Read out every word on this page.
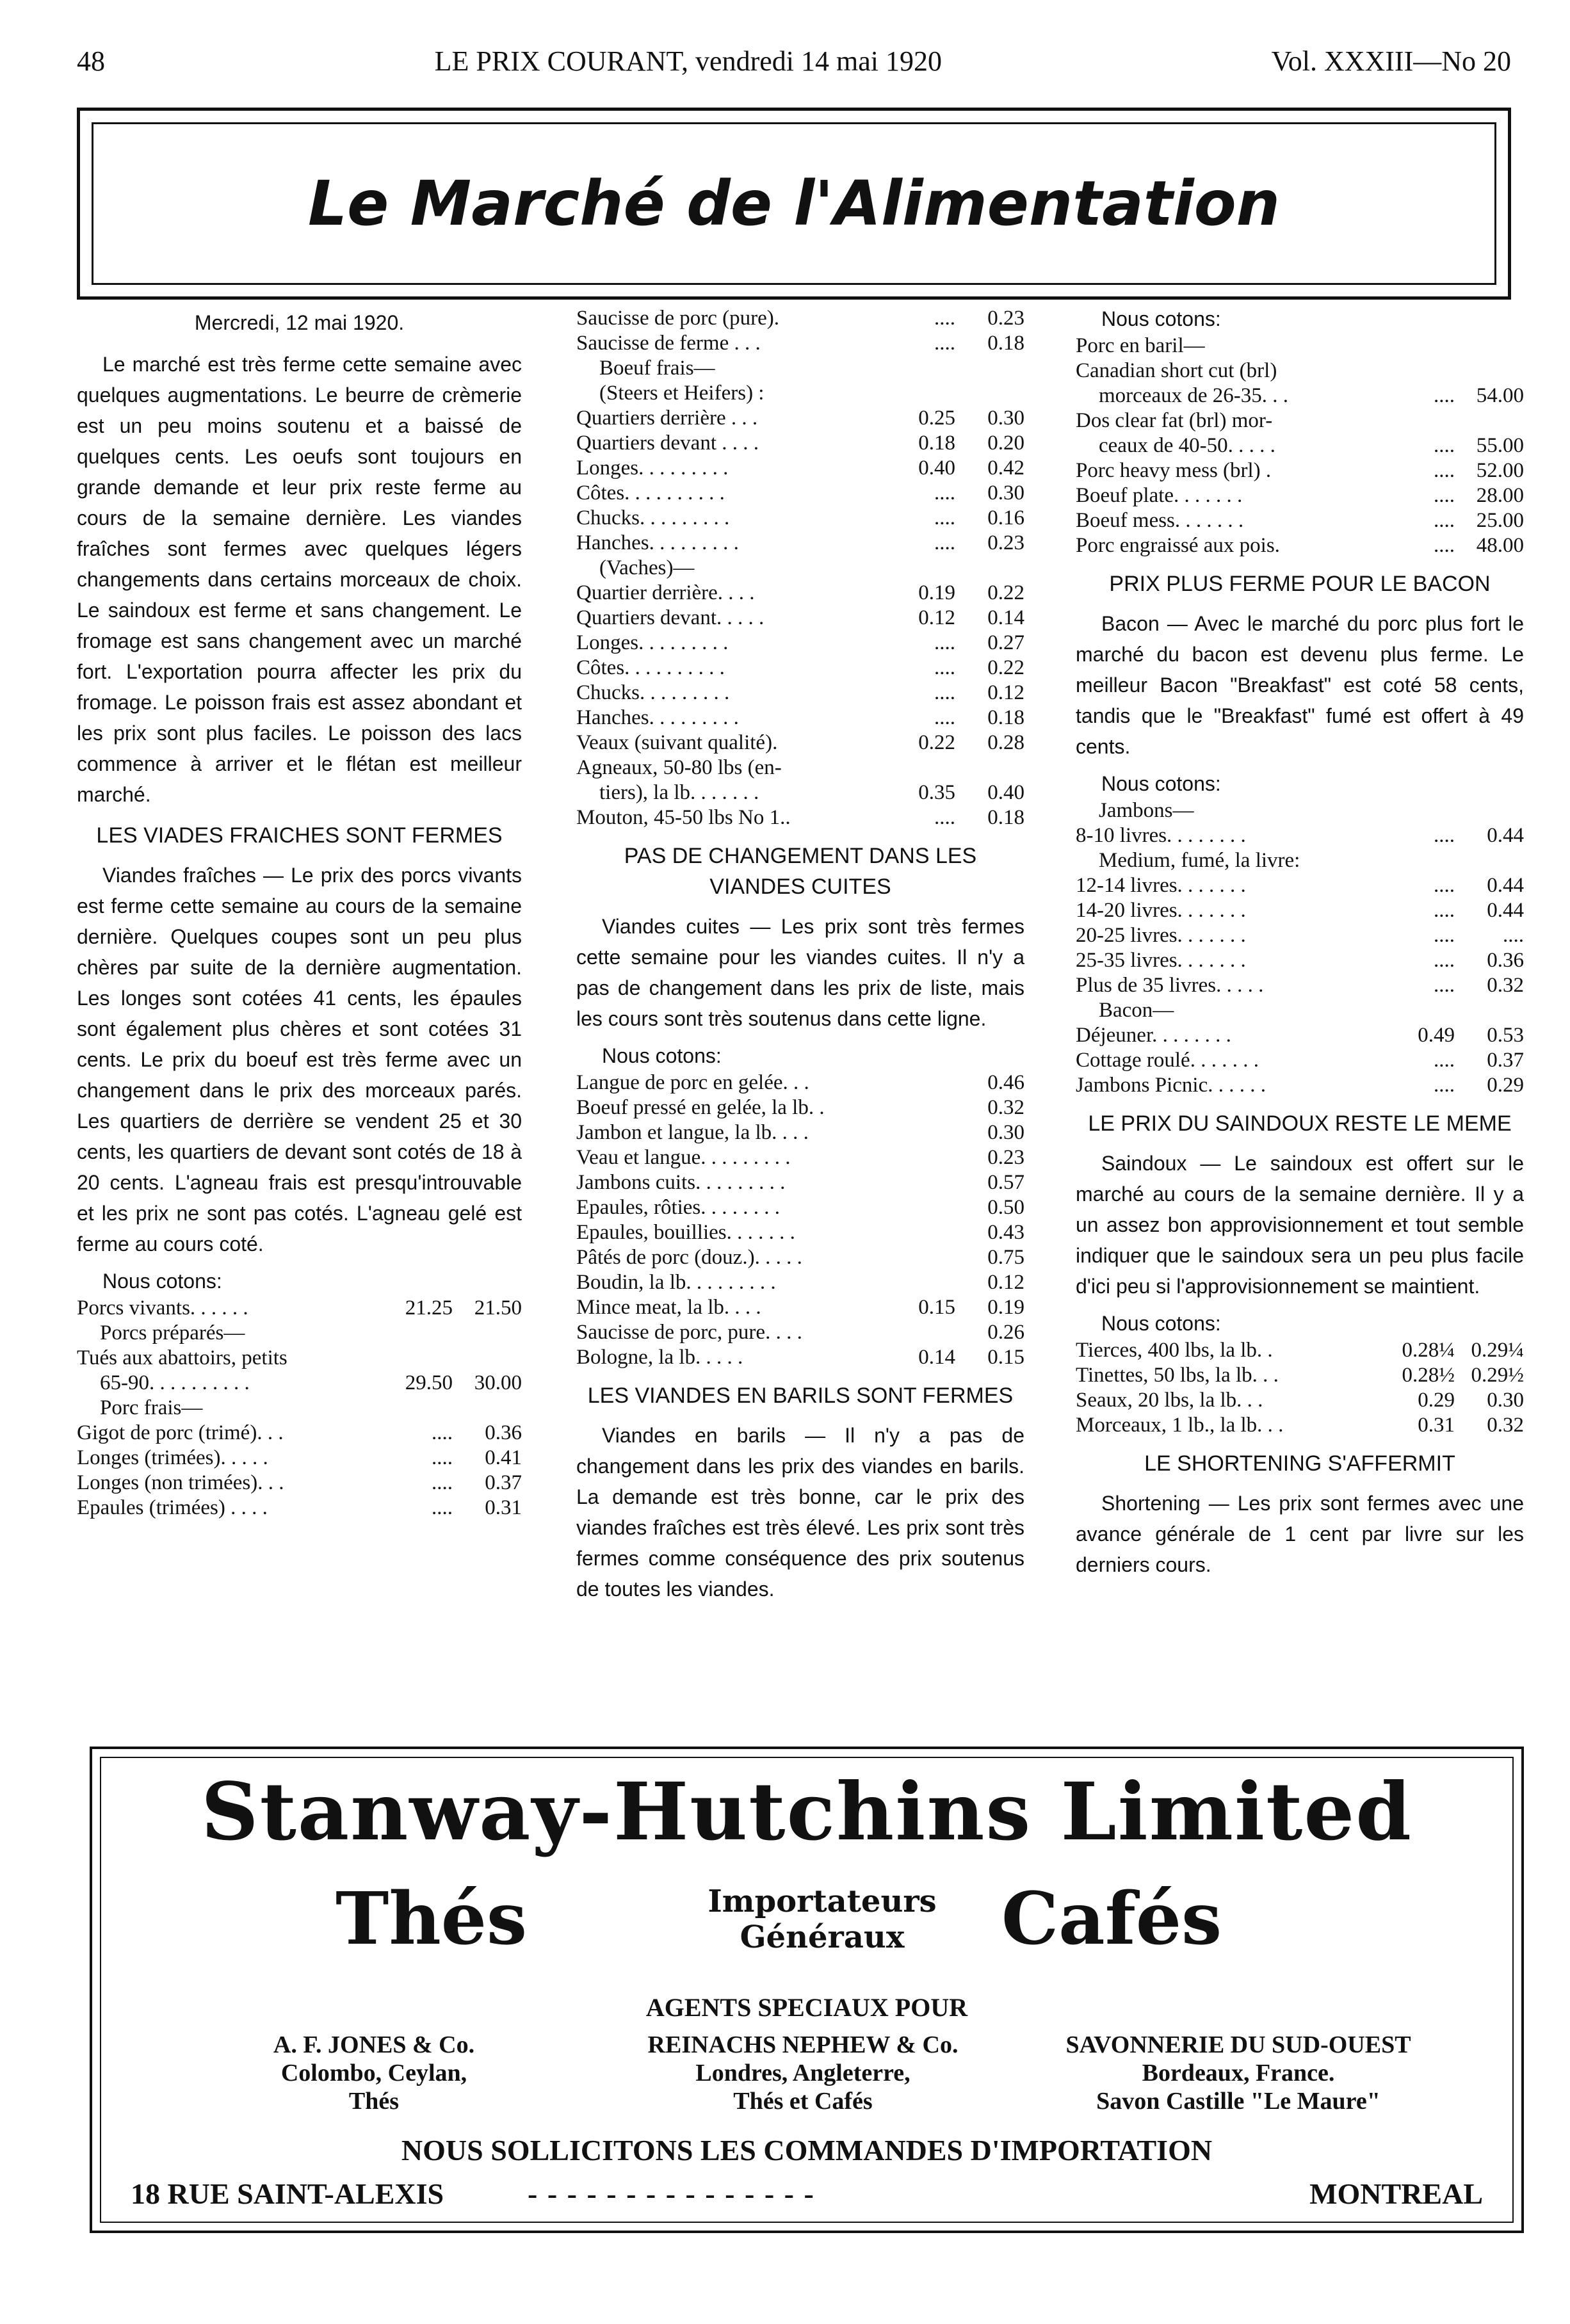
48	LE PRIX COURANT, vendredi 14 mai 1920	Vol. XXXIII—No 20
Le Marché de l'Alimentation
Mercredi, 12 mai 1920.

Le marché est très ferme cette semaine avec quelques augmentations. Le beurre de crèmerie est un peu moins soutenu et a baissé de quelques cents. Les oeufs sont toujours en grande demande et leur prix reste ferme au cours de la semaine dernière. Les viandes fraîches sont fermes avec quelques légers changements dans certains morceaux de choix. Le saindoux est ferme et sans changement. Le fromage est sans changement avec un marché fort. L'exportation pourra affecter les prix du fromage. Le poisson frais est assez abondant et les prix sont plus faciles. Le poisson des lacs commence à arriver et le flétan est meilleur marché.

LES VIADES FRAICHES SONT FERMES

Viandes fraîches — Le prix des porcs vivants est ferme cette semaine au cours de la semaine dernière. Quelques coupes sont un peu plus chères par suite de la dernière augmentation. Les longes sont cotées 41 cents, les épaules sont également plus chères et sont cotées 31 cents. Le prix du boeuf est très ferme avec un changement dans le prix des morceaux parés. Les quartiers de derrière se vendent 25 et 30 cents, les quartiers de devant sont cotés de 18 à 20 cents. L'agneau frais est presqu'introuvable et les prix ne sont pas cotés. L'agneau gelé est ferme au cours coté.

Nous cotons:
Porcs vivants. . . . . .	21.25	21.50
Porcs préparés—
Tués aux abattoirs, petits
65-90. . . . . . . . . .	29.50	30.00
Porc frais—
Gigot de porc (trimé). . .	....	0.36
Longes (trimées). . . . .	....	0.41
Longes (non trimées). . .	....	0.37
Epaules (trimées) . . . .	....	0.31
Saucisse de porc (pure).	....	0.23
Saucisse de ferme . . .	....	0.18
Boeuf frais—
(Steers et Heifers) :
Quartiers derrière . . .	0.25	0.30
Quartiers devant . . . .	0.18	0.20
Longes. . . . . . . . .	0.40	0.42
Côtes. . . . . . . . . .	....	0.30
Chucks. . . . . . . . .	....	0.16
Hanches. . . . . . . . .	....	0.23
(Vaches)—
Quartier derrière. . . .	0.19	0.22
Quartiers devant. . . . .	0.12	0.14
Longes. . . . . . . . .	....	0.27
Côtes. . . . . . . . . .	....	0.22
Chucks. . . . . . . . .	....	0.12
Hanches. . . . . . . . .	....	0.18
Veaux (suivant qualité).	0.22	0.28
Agneaux, 50-80 lbs (en-
tiers), la lb. . . . . . .	0.35	0.40
Mouton, 45-50 lbs No 1..	....	0.18
PAS DE CHANGEMENT DANS LES VIANDES CUITES

Viandes cuites — Les prix sont très fermes cette semaine pour les viandes cuites. Il n'y a pas de changement dans les prix de liste, mais les cours sont très soutenus dans cette ligne.

Nous cotons:
Langue de porc en gelée. . .	0.46
Boeuf pressé en gelée, la lb. .	0.32
Jambon et langue, la lb. . . .	0.30
Veau et langue. . . . . . . . .	0.23
Jambons cuits. . . . . . . . .	0.57
Epaules, rôties. . . . . . . .	0.50
Epaules, bouillies. . . . . . .	0.43
Pâtés de porc (douz.). . . . .	0.75
Boudin, la lb. . . . . . . . .	0.12
Mince meat, la lb. . . .	0.15	0.19
Saucisse de porc, pure. . . .	0.26
Bologne, la lb. . . . .	0.14	0.15
LES VIANDES EN BARILS SONT FERMES

Viandes en barils — Il n'y a pas de changement dans les prix des viandes en barils. La demande est très bonne, car le prix des viandes fraîches est très élevé. Les prix sont très fermes comme conséquence des prix soutenus de toutes les viandes.

Nous cotons:
Porc en baril—
Canadian short cut (brl)
morceaux de 26-35. . .	....	54.00
Dos clear fat (brl) mor-
ceaux de 40-50. . . . .	....	55.00
Porc heavy mess (brl) .	....	52.00
Boeuf plate. . . . . . .	....	28.00
Boeuf mess. . . . . . .	....	25.00
Porc engraissé aux pois.	....	48.00
PRIX PLUS FERME POUR LE BACON

Bacon — Avec le marché du porc plus fort le marché du bacon est devenu plus ferme. Le meilleur Bacon "Breakfast" est coté 58 cents, tandis que le "Breakfast" fumé est offert à 49 cents.

Nous cotons:
Jambons—
8-10 livres. . . . . . . .	....	0.44
Medium, fumé, la livre:
12-14 livres. . . . . . .	....	0.44
14-20 livres. . . . . . .	....	0.44
20-25 livres. . . . . . .	....	....
25-35 livres. . . . . . .	....	0.36
Plus de 35 livres. . . . .	....	0.32
Bacon—
Déjeuner. . . . . . . .	0.49	0.53
Cottage roulé. . . . . . .	....	0.37
Jambons Picnic. . . . . .	....	0.29
LE PRIX DU SAINDOUX RESTE LE MEME

Saindoux — Le saindoux est offert sur le marché au cours de la semaine dernière. Il y a un assez bon approvisionnement et tout semble indiquer que le saindoux sera un peu plus facile d'ici peu si l'approvisionnement se maintient.

Nous cotons:
Tierces, 400 lbs, la lb. .	0.28¼ 0.29¼
Tinettes, 50 lbs, la lb. . .	0.28½ 0.29½
Seaux, 20 lbs, la lb. . .	0.29	0.30
Morceaux, 1 lb., la lb. . .	0.31	0.32
LE SHORTENING S'AFFERMIT

Shortening — Les prix sont fermes avec une avance générale de 1 cent par livre sur les derniers cours.

Stanway-Hutchins Limited
Thés	Importateurs
Généraux	Cafés
AGENTS SPECIAUX POUR
A. F. JONES & Co.
Colombo, Ceylan,
Thés
REINACHS NEPHEW & Co.
Londres, Angleterre,
Thés et Cafés
SAVONNERIE DU SUD-OUEST
Bordeaux, France.
Savon Castille "Le Maure"
NOUS SOLLICITONS LES COMMANDES D'IMPORTATION
18 RUE SAINT-ALEXIS	- - - - - - - - - - - - - - -	MONTREAL
